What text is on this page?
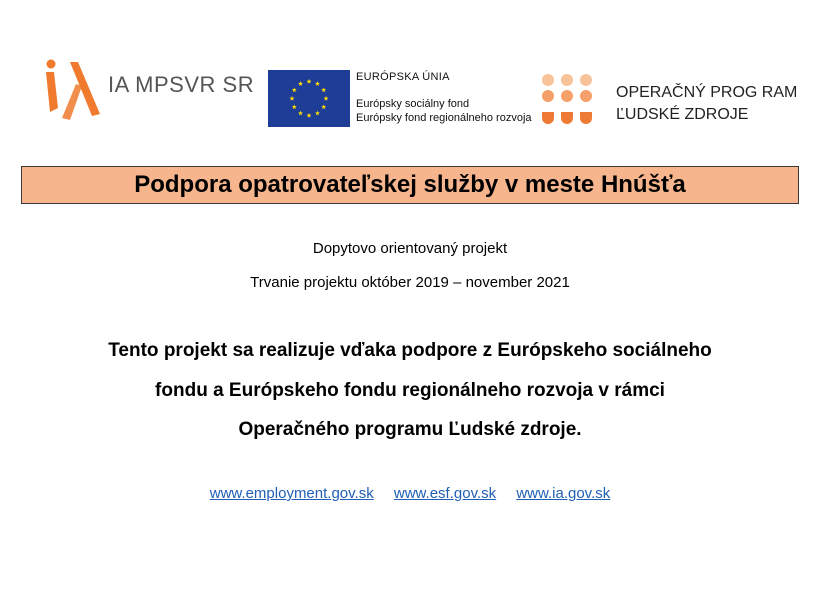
IA MPSVR SR	EURÓPSKA ÚNIA
Európsky sociálny fond
Európsky fond regionálneho rozvoja
OPERAČNÝ PROG RAM
ĽUDSKÉ ZDROJE
Podpora opatrovateľskej služby v meste Hnúšťa
Dopytovo orientovaný projekt
Trvanie projektu október 2019 – november 2021
Tento projekt sa realizuje vďaka podpore z Európskeho sociálneho
fondu a Európskeho fondu regionálneho rozvoja v rámci
Operačného programu Ľudské zdroje.
www.employment.gov.sk www.esf.gov.sk www.ia.gov.sk
